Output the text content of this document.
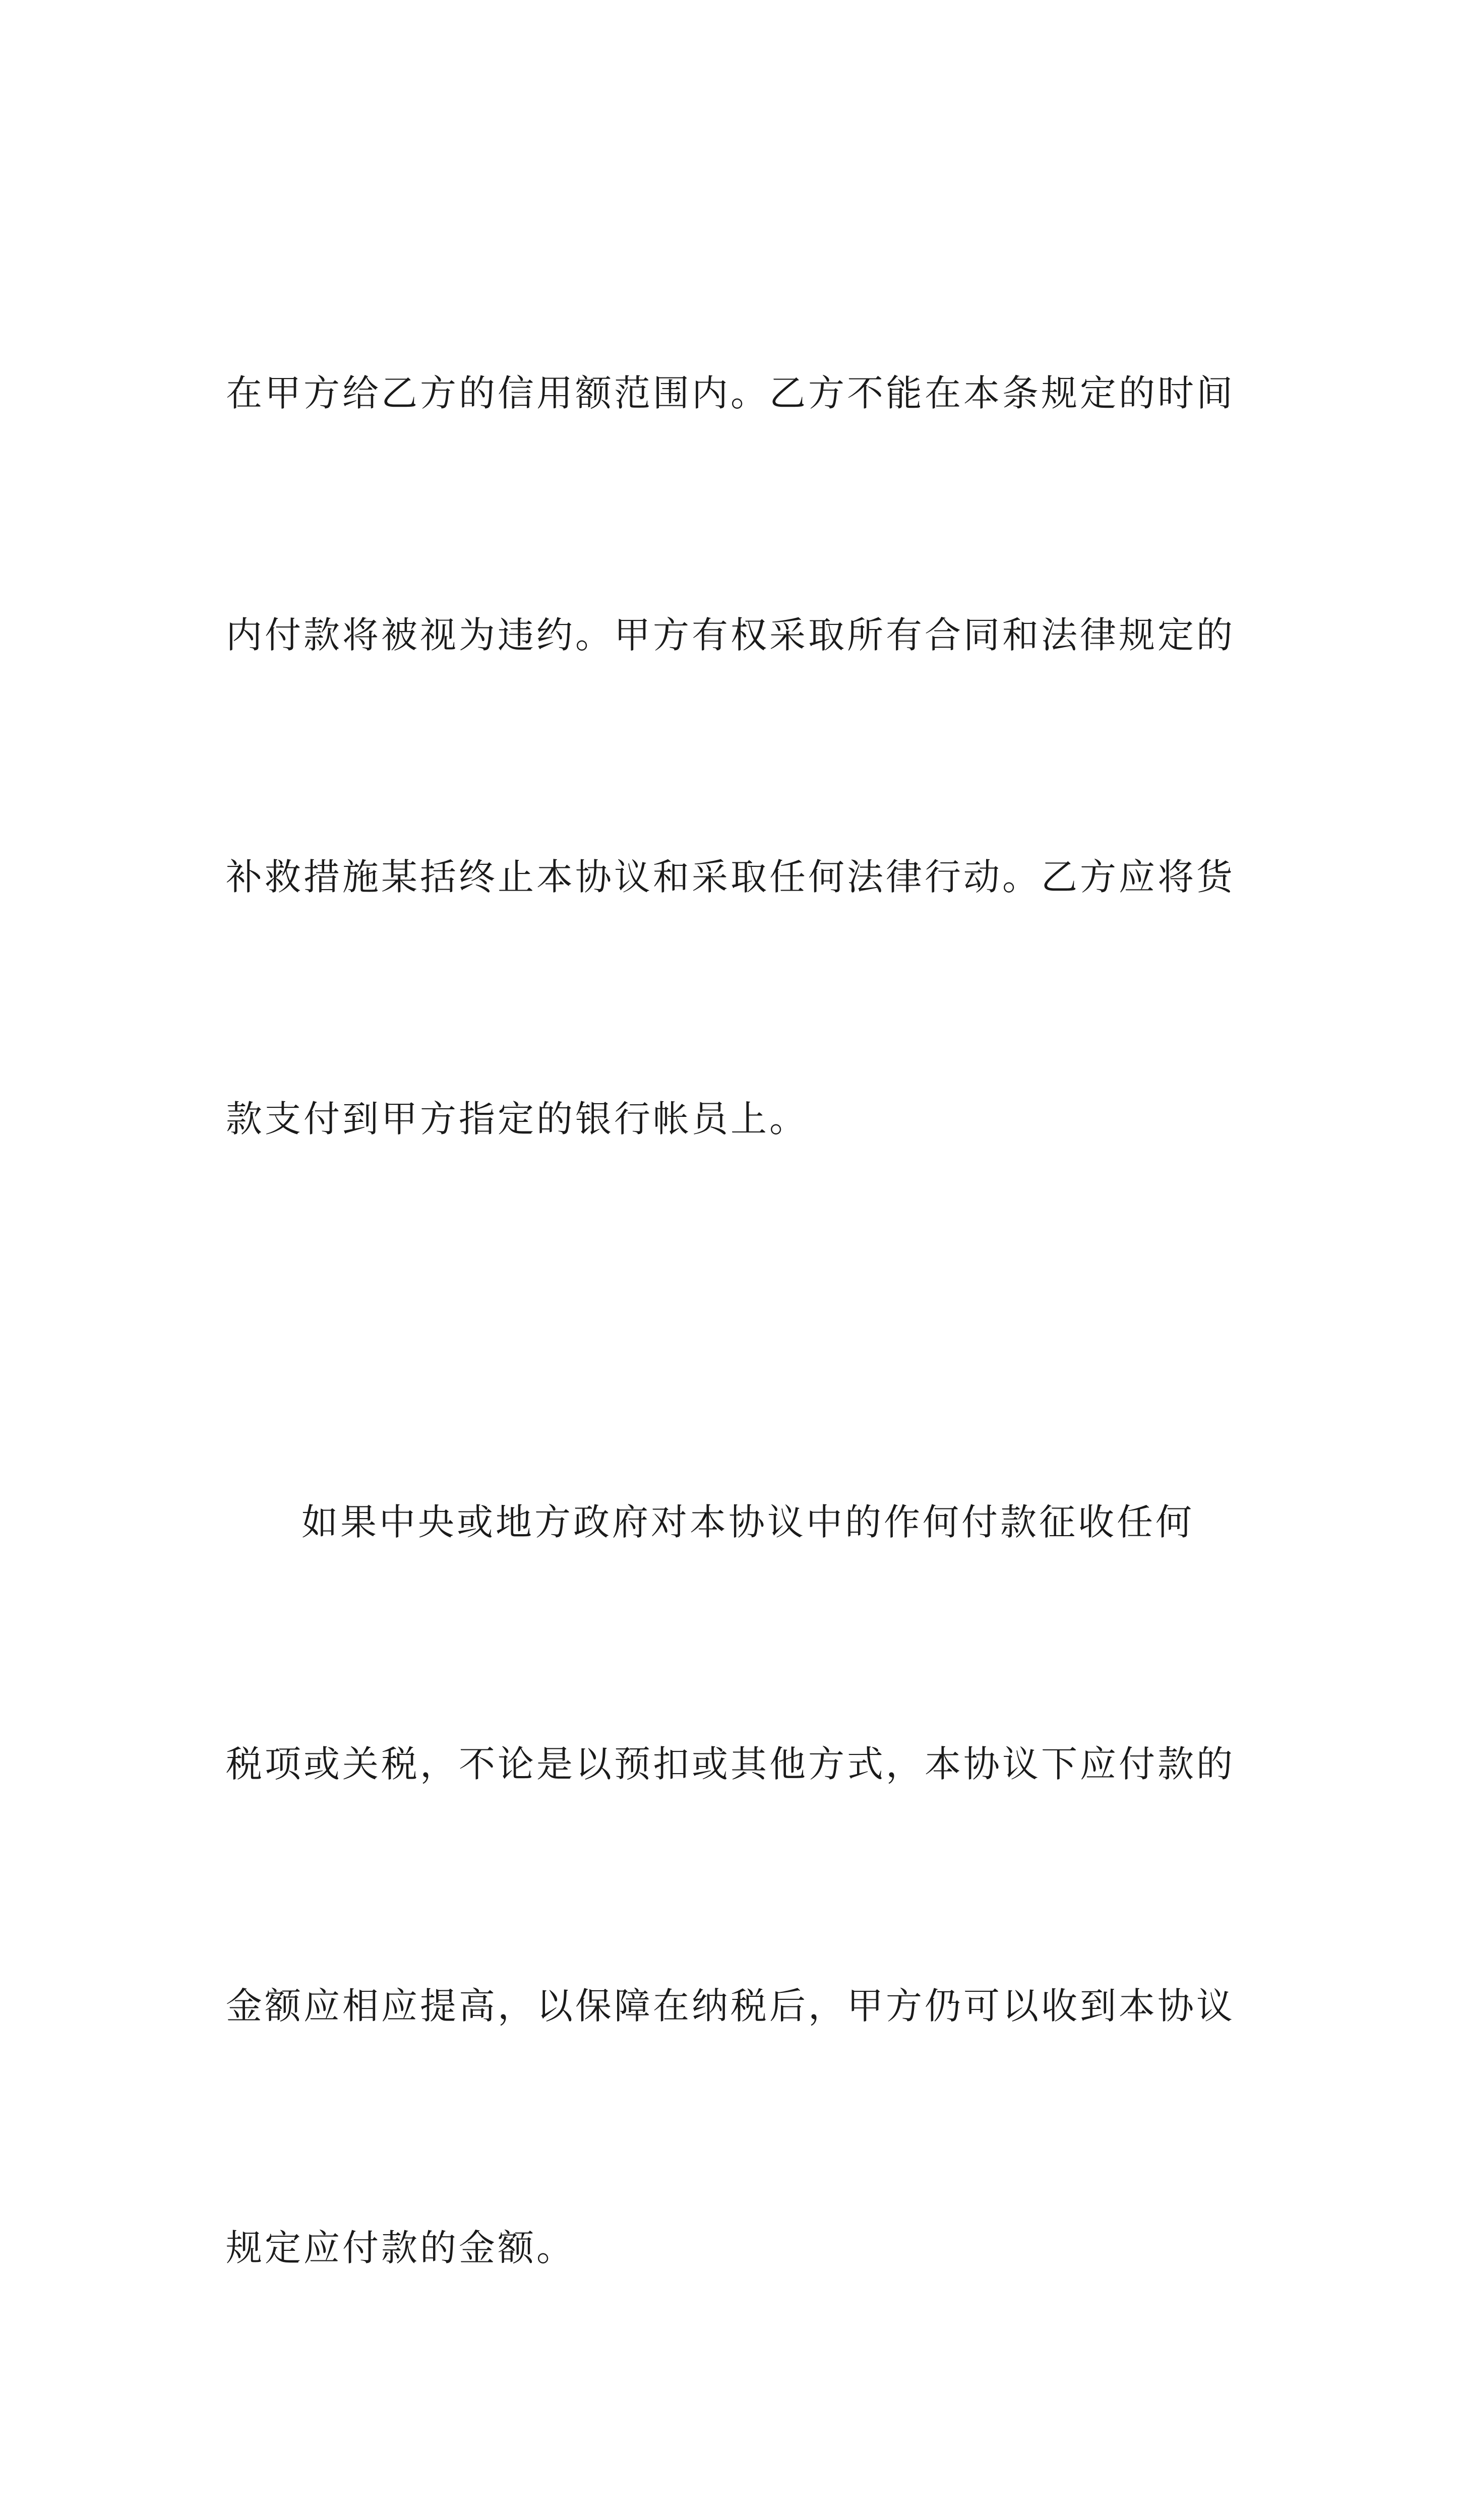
在甲方给乙方的信用额范围内。乙方不能在本条规定的时间

内付款将被视为违约。甲方有权采取所有合同和法律规定的

补救措施某括终止本协议和采取任何法律行动。乙方应将货

款支付到甲方指定的银行帐员上。

如果中央或地方政府对本协议中的作何付款征收任何

税项或关税，不论是以预扣或其他方式，本协议下应付款的

金额应相应提高，以保障在纳税后，甲方仍可以收到本协议

规定应付款的金额。
